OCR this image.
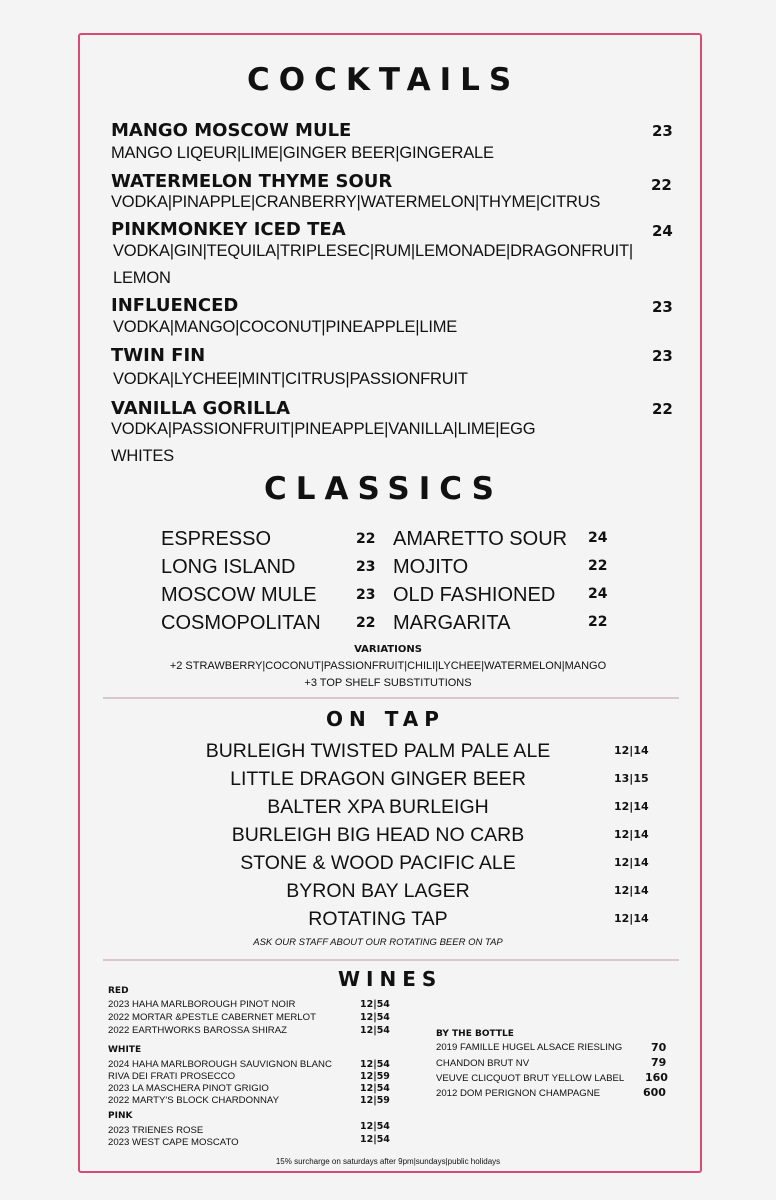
COCKTAILS
MANGO MOSCOW MULE	23
MANGO LIQEUR|LIME|GINGER BEER|GINGERALE
WATERMELON THYME SOUR	22
VODKA|PINAPPLE|CRANBERRY|WATERMELON|THYME|CITRUS
PINKMONKEY ICED TEA	24
VODKA|GIN|TEQUILA|TRIPLESEC|RUM|LEMONADE|DRAGONFRUIT|
LEMON
INFLUENCED	23
VODKA|MANGO|COCONUT|PINEAPPLE|LIME
TWIN FIN	23
VODKA|LYCHEE|MINT|CITRUS|PASSIONFRUIT
VANILLA GORILLA	22
VODKA|PASSIONFRUIT|PINEAPPLE|VANILLA|LIME|EGG
WHITES
CLASSICS
ESPRESSO	22
LONG ISLAND	23
MOSCOW MULE	23
COSMOPOLITAN	22
AMARETTO SOUR 24
MOJITO	22
OLD FASHIONED 24
MARGARITA	22
VARIATIONS
+2 STRAWBERRY|COCONUT|PASSIONFRUIT|CHILI|LYCHEE|WATERMELON|MANGO
+3 TOP SHELF SUBSTITUTIONS
ON TAP
BURLEIGH TWISTED PALM PALE ALE	12|14
LITTLE DRAGON GINGER BEER	13|15
BALTER XPA BURLEIGH	12|14
BURLEIGH BIG HEAD NO CARB	12|14
STONE & WOOD PACIFIC ALE	12|14
BYRON BAY LAGER	12|14
ROTATING TAP	12|14
ASK OUR STAFF ABOUT OUR ROTATING BEER ON TAP
WINES
RED
2023 HAHA MARLBOROUGH PINOT NOIR	12|54
2022 MORTAR &PESTLE CABERNET MERLOT	12|54
2022 EARTHWORKS BAROSSA SHIRAZ	12|54
WHITE
2024 HAHA MARLBOROUGH SAUVIGNON BLANC	12|54
RIVA DEI FRATI PROSECCO	12|59
2023 LA MASCHERA PINOT GRIGIO	12|54
2022 MARTY'S BLOCK CHARDONNAY	12|59
PINK
2023 TRIENES ROSE	12|54
2023 WEST CAPE MOSCATO	12|54
BY THE BOTTLE
2019 FAMILLE HUGEL ALSACE RIESLING	70
CHANDON BRUT NV	79
VEUVE CLICQUOT BRUT YELLOW LABEL 160
2012 DOM PERIGNON CHAMPAGNE	600
15% surcharge on saturdays after 9pm|sundays|public holidays
